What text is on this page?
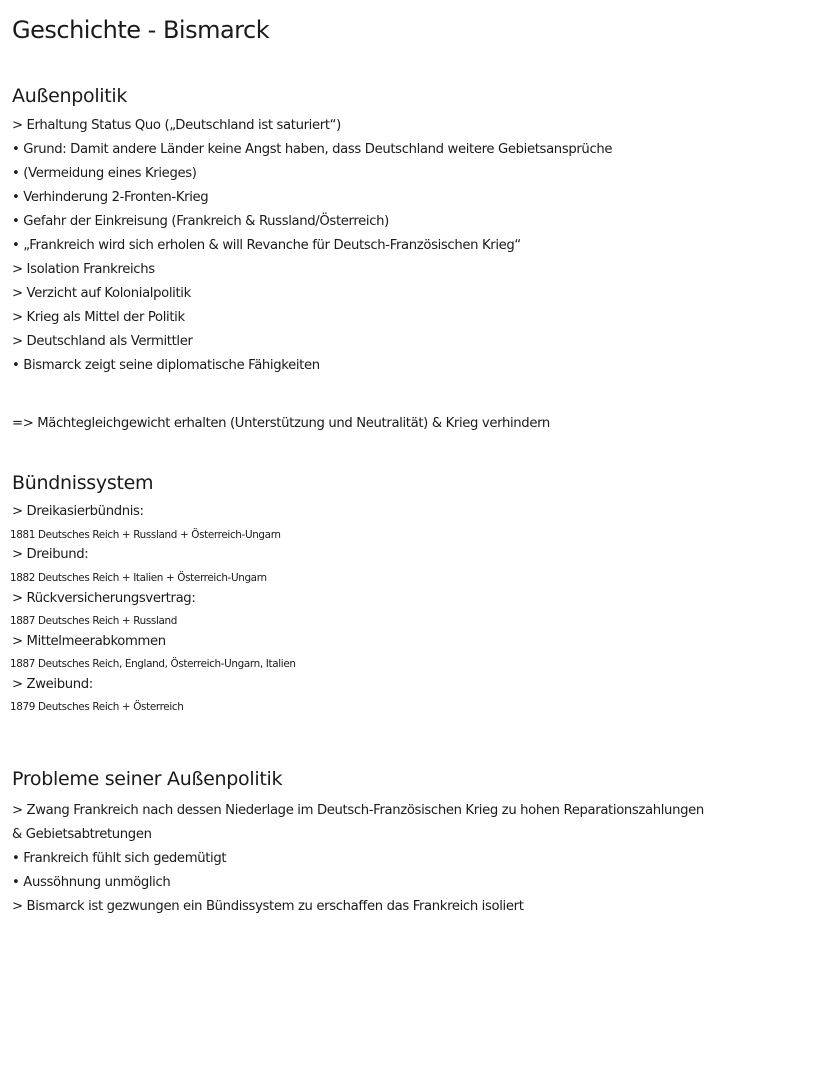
Geschichte - Bismarck
Außenpolitik
> Erhaltung Status Quo („Deutschland ist saturiert“)
• Grund: Damit andere Länder keine Angst haben, dass Deutschland weitere Gebietsansprüche
• (Vermeidung eines Krieges)
• Verhinderung 2-Fronten-Krieg
• Gefahr der Einkreisung (Frankreich & Russland/Österreich)
• „Frankreich wird sich erholen & will Revanche für Deutsch-Französischen Krieg“
> Isolation Frankreichs
> Verzicht auf Kolonialpolitik
> Krieg als Mittel der Politik
> Deutschland als Vermittler
• Bismarck zeigt seine diplomatische Fähigkeiten
=> Mächtegleichgewicht erhalten (Unterstützung und Neutralität) & Krieg verhindern
Bündnissystem
> Dreikasierbündnis:
1881 Deutsches Reich + Russland + Österreich-Ungarn
> Dreibund:
1882 Deutsches Reich + Italien + Österreich-Ungarn
> Rückversicherungsvertrag:
1887 Deutsches Reich + Russland
> Mittelmeerabkommen
1887 Deutsches Reich, England, Österreich-Ungarn, Italien
> Zweibund:
1879 Deutsches Reich + Österreich
Probleme seiner Außenpolitik
> Zwang Frankreich nach dessen Niederlage im Deutsch-Französischen Krieg zu hohen Reparationszahlungen
& Gebietsabtretungen
• Frankreich fühlt sich gedemütigt
• Aussöhnung unmöglich
> Bismarck ist gezwungen ein Bündissystem zu erschaffen das Frankreich isoliert
